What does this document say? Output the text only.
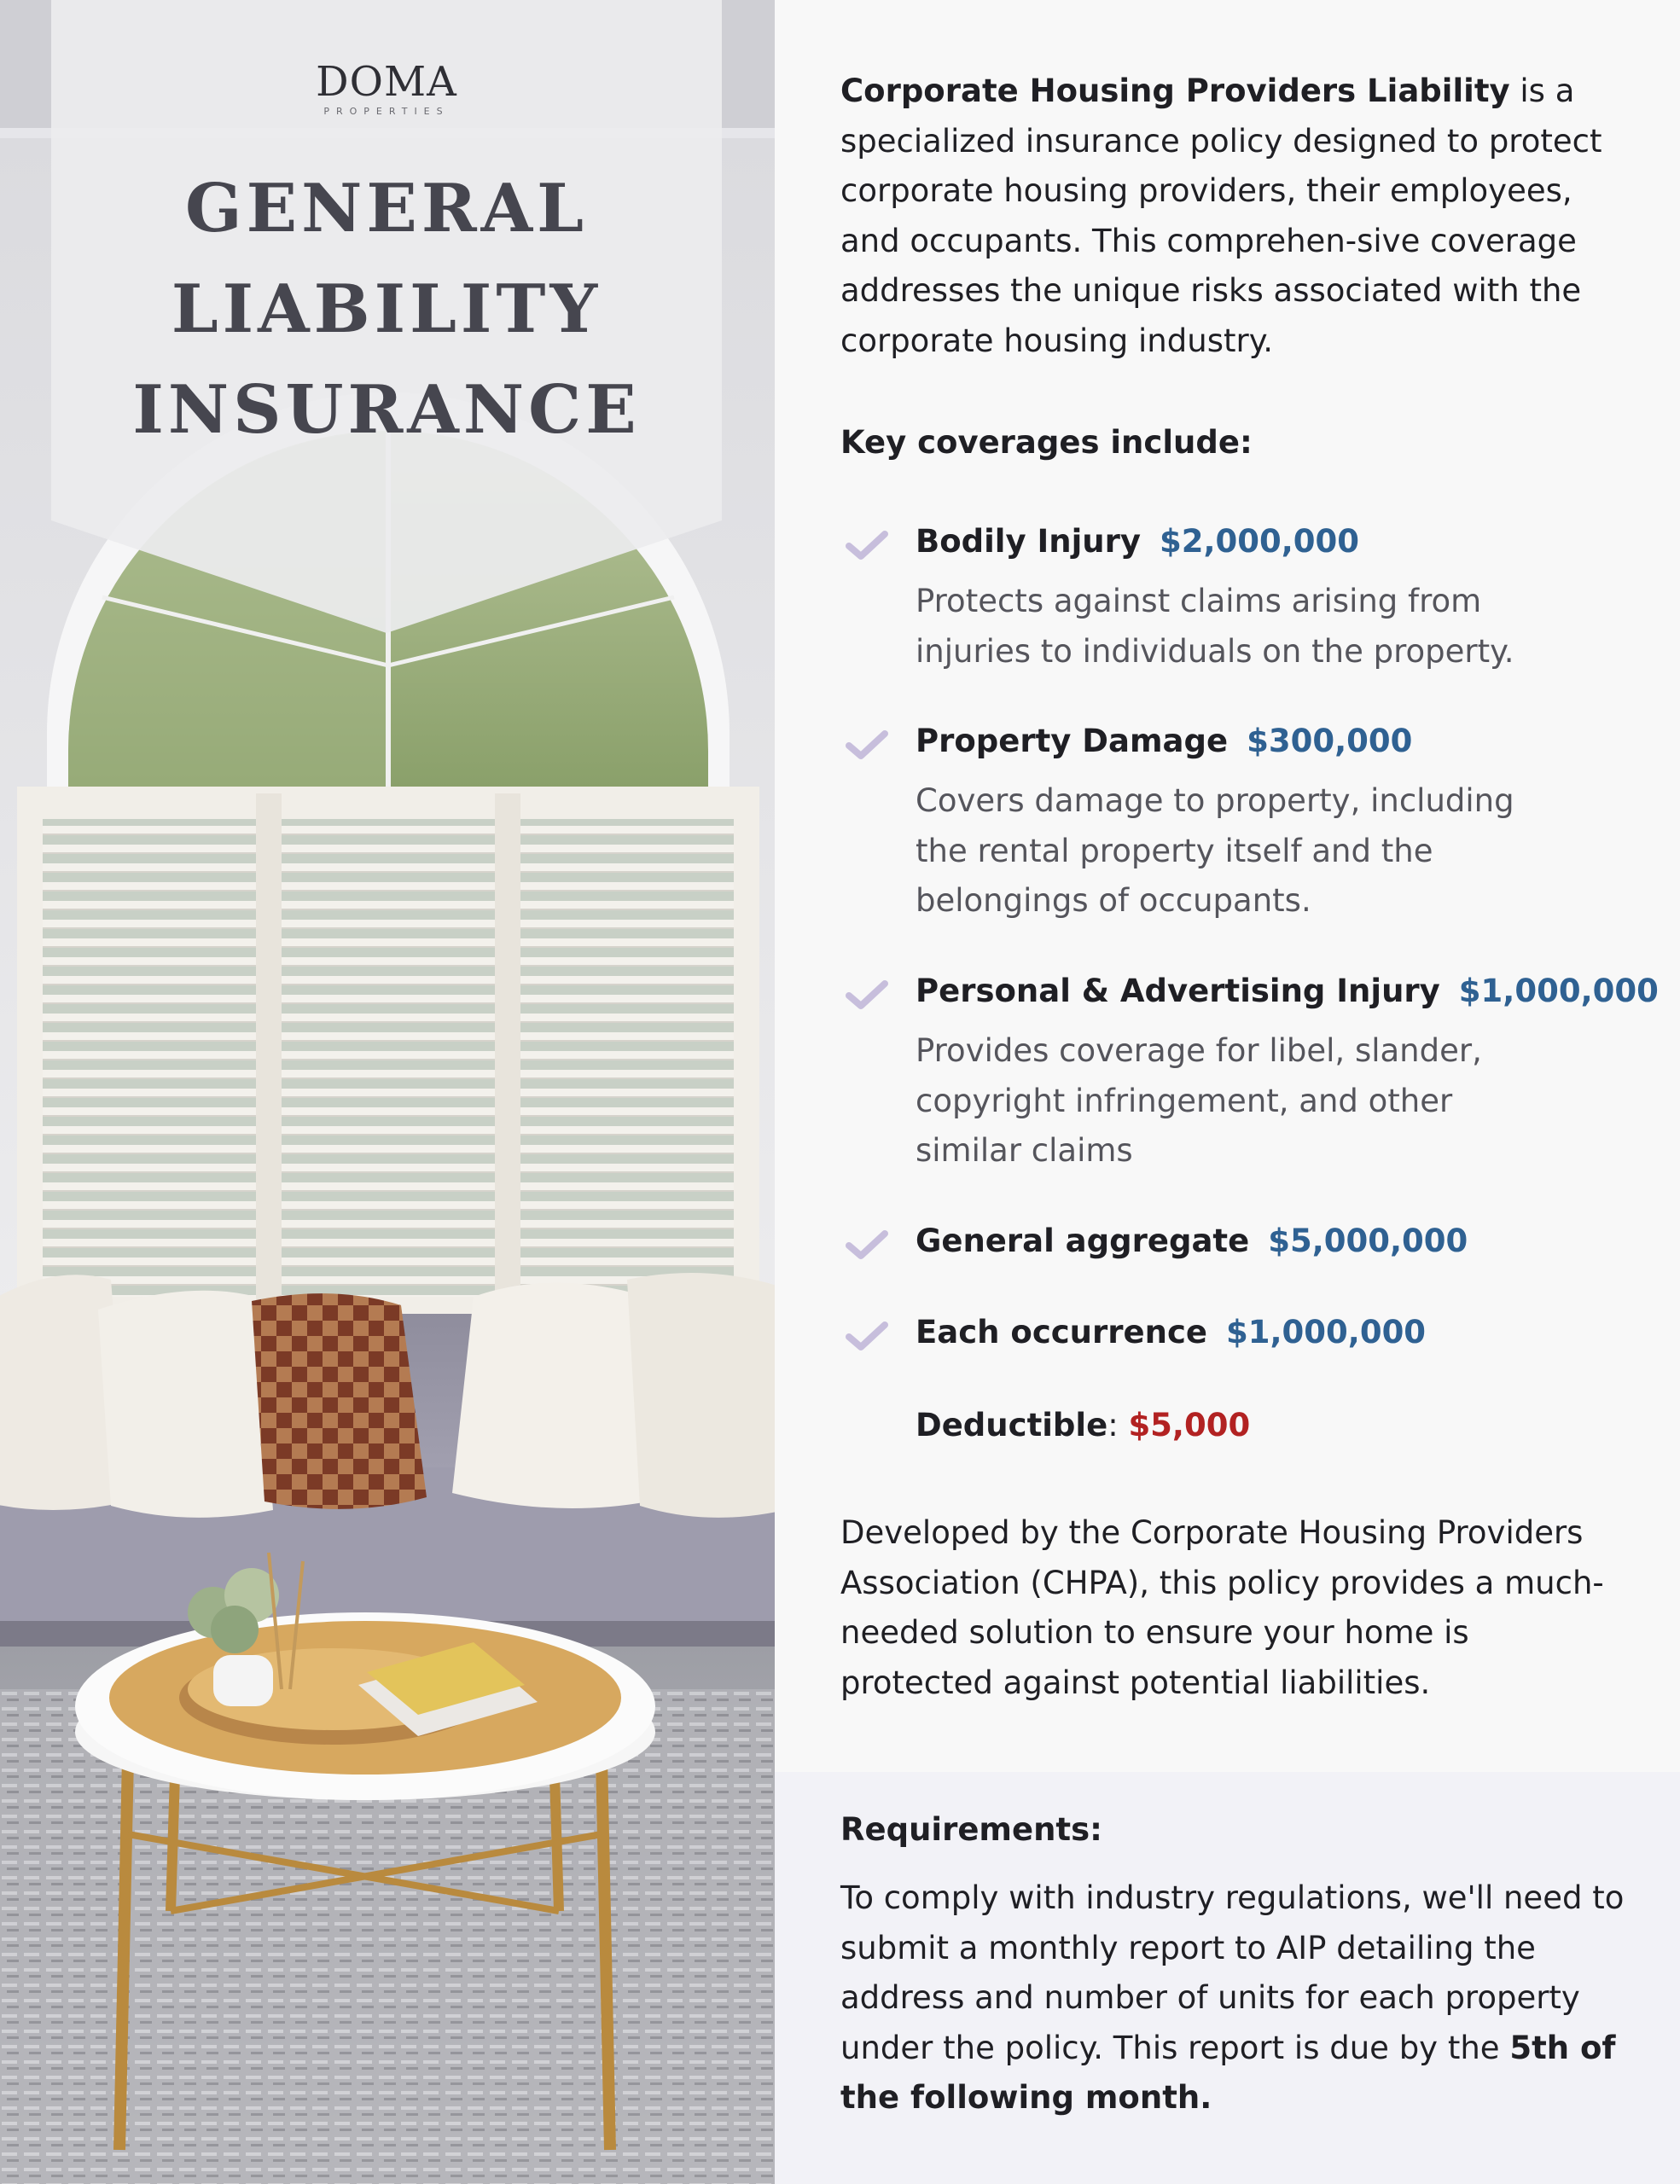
DOMA
PROPERTIES
GENERAL
LIABILITY
INSURANCE
Corporate Housing Providers Liability is a specialized insurance policy designed to protect corporate housing providers, their employees, and occupants. This comprehen-sive coverage addresses the unique risks associated with the corporate housing industry.
Key coverages include:
Bodily Injury $2,000,000
Protects against claims arising from injuries to individuals on the property.
Property Damage $300,000
Covers damage to property, including the rental property itself and the belongings of occupants.
Personal & Advertising Injury $1,000,000
Provides coverage for libel, slander, copyright infringement, and other similar claims
General aggregate $5,000,000
Each occurrence $1,000,000
Deductible: $5,000
Developed by the Corporate Housing Providers Association (CHPA), this policy provides a much-needed solution to ensure your home is protected against potential liabilities.
Requirements:
To comply with industry regulations, we'll need to submit a monthly report to AIP detailing the address and number of units for each property under the policy. This report is due by the 5th of the following month.
